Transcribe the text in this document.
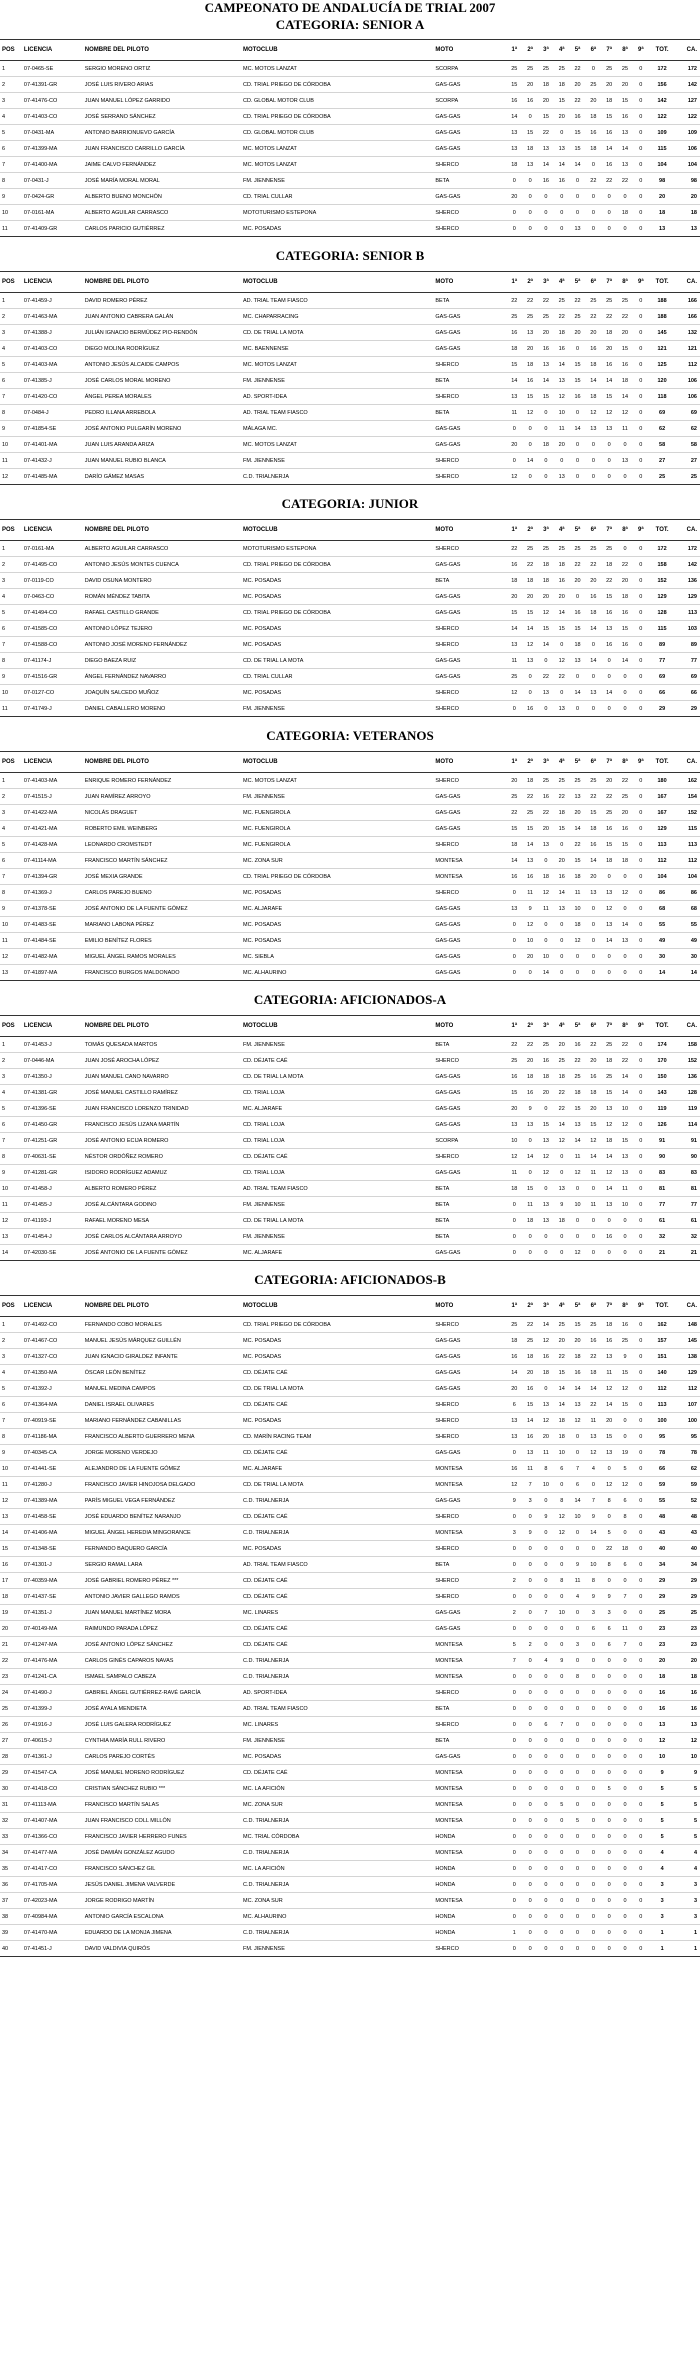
CAMPEONATO DE ANDALUCÍA DE TRIAL 2007
CATEGORIA: SENIOR A
POS	LICENCIA	NOMBRE DEL PILOTO	MOTOCLUB	MOTO	1ª	2ª	3ª	4ª	5ª	6ª	7ª	8ª	9ª	TOT.	CA.
1	07-0465-SE	SERGIO MORENO ORTIZ	MC. MOTOS LANZAT	SCORPA	25	25	25	25	22	0	25	25	0	172	172
2	07-41391-GR	JOSÉ LUIS RIVERO ARIAS	CD. TRIAL PRIEGO DE CÓRDOBA	GAS-GAS	15	20	18	18	20	25	20	20	0	156	142
3	07-41476-CO	JUAN MANUEL LÓPEZ GARRIDO	CD. GLOBAL MOTOR CLUB	SCORPA	16	16	20	15	22	20	18	15	0	142	127
4	07-41403-CO	JOSÉ SERRANO SÁNCHEZ	CD. TRIAL PRIEGO DE CÓRDOBA	GAS-GAS	14	0	15	20	16	18	15	16	0	122	122
5	07-0431-MA	ANTONIO BARRIONUEVO GARCÍA	CD. GLOBAL MOTOR CLUB	GAS-GAS	13	15	22	0	15	16	16	13	0	109	109
6	07-41399-MA	JUAN FRANCISCO CARRILLO GARCÍA	MC. MOTOS LANZAT	GAS-GAS	13	18	13	13	15	18	14	14	0	115	106
7	07-41400-MA	JAIME CALVO FERNÁNDEZ	MC. MOTOS LANZAT	SHERCO	18	13	14	14	14	0	16	13	0	104	104
8	07-0431-J	JOSÉ MARÍA MORAL MORAL	FM. JIENNENSE	BETA	0	0	16	16	0	22	22	22	0	98	98
9	07-0424-GR	ALBERTO BUENO MONCHÓN	CD. TRIAL CULLAR	GAS-GAS	20	0	0	0	0	0	0	0	0	20	20
10	07-0161-MA	ALBERTO AGUILAR CARRASCO	MOTOTURISMO ESTEPONA	SHERCO	0	0	0	0	0	0	0	18	0	18	18
11	07-41409-GR	CARLOS PARICIO GUTIÉRREZ	MC. POSADAS	SHERCO	0	0	0	0	13	0	0	0	0	13	13
CATEGORIA: SENIOR B
POS	LICENCIA	NOMBRE DEL PILOTO	MOTOCLUB	MOTO	1ª	2ª	3ª	4ª	5ª	6ª	7ª	8ª	9ª	TOT.	CA.
1	07-41459-J	DAVID ROMERO PÉREZ	AD. TRIAL TEAM FIASCO	BETA	22	22	22	25	22	25	25	25	0	188	166
2	07-41463-MA	JUAN ANTONIO CABRERA GALÁN	MC. CHAPARRACING	GAS-GAS	25	25	25	22	25	22	22	22	0	188	166
3	07-41388-J	JULIÁN IGNACIO BERMÚDEZ PIO-RENDÓN	CD. DE TRIAL LA MOTA	GAS-GAS	16	13	20	18	20	20	18	20	0	145	132
4	07-41403-CO	DIEGO MOLINA RODRÍGUEZ	MC. BAENNENSE	GAS-GAS	18	20	16	16	0	16	20	15	0	121	121
5	07-41403-MA	ANTONIO JESÚS ALCAIDE CAMPOS	MC. MOTOS LANZAT	SHERCO	15	18	13	14	15	18	16	16	0	125	112
6	07-41385-J	JOSÉ CARLOS MORAL MORENO	FM. JIENNENSE	BETA	14	16	14	13	15	14	14	18	0	120	106
7	07-41420-CO	ÁNGEL PEREA MORALES	AD. SPORT-IDEA	SHERCO	13	15	15	12	16	18	15	14	0	118	106
8	07-0484-J	PEDRO ILLANA ARREBOLA	AD. TRIAL TEAM FIASCO	BETA	11	12	0	10	0	12	12	12	0	69	69
9	07-41854-SE	JOSÉ ANTONIO PULGARÍN MORENO	MÁLAGA MC.	GAS-GAS	0	0	0	11	14	13	13	11	0	62	62
10	07-41401-MA	JUAN LUIS ARANDA ARIZA	MC. MOTOS LANZAT	GAS-GAS	20	0	18	20	0	0	0	0	0	58	58
11	07-41432-J	JUAN MANUEL RUBIO BLANCA	FM. JIENNENSE	SHERCO	0	14	0	0	0	0	0	13	0	27	27
12	07-41485-MA	DARÍO GÁMEZ MASAS	C.D. TRIALNERJA	SHERCO	12	0	0	13	0	0	0	0	0	25	25
CATEGORIA: JUNIOR
POS	LICENCIA	NOMBRE DEL PILOTO	MOTOCLUB	MOTO	1ª	2ª	3ª	4ª	5ª	6ª	7ª	8ª	9ª	TOT.	CA.
1	07-0161-MA	ALBERTO AGUILAR CARRASCO	MOTOTURISMO ESTEPONA	SHERCO	22	25	25	25	25	25	25	0	0	172	172
2	07-41495-CO	ANTONIO JESÚS MONTES CUENCA	CD. TRIAL PRIEGO DE CÓRDOBA	GAS-GAS	16	22	18	18	22	22	18	22	0	158	142
3	07-0119-CO	DAVID OSUNA MONTERO	MC. POSADAS	BETA	18	18	18	16	20	20	22	20	0	152	136
4	07-0463-CO	ROMÁN MÉNDEZ TABITA	MC. POSADAS	GAS-GAS	20	20	20	20	0	16	15	18	0	129	129
5	07-41494-CO	RAFAEL CASTILLO GRANDE	CD. TRIAL PRIEGO DE CÓRDOBA	GAS-GAS	15	15	12	14	16	18	16	16	0	128	113
6	07-41585-CO	ANTONIO LÓPEZ TEJERO	MC. POSADAS	SHERCO	14	14	15	15	15	14	13	15	0	115	103
7	07-41588-CO	ANTONIO JOSÉ MORENO FERNÁNDEZ	MC. POSADAS	SHERCO	13	12	14	0	18	0	16	16	0	89	89
8	07-41174-J	DIEGO BAEZA RUIZ	CD. DE TRIAL LA MOTA	GAS-GAS	11	13	0	12	13	14	0	14	0	77	77
9	07-41516-GR	ÁNGEL FERNÁNDEZ NAVARRO	CD. TRIAL CULLAR	GAS-GAS	25	0	22	22	0	0	0	0	0	69	69
10	07-0127-CO	JOAQUÍN SALCEDO MUÑOZ	MC. POSADAS	SHERCO	12	0	13	0	14	13	14	0	0	66	66
11	07-41749-J	DANIEL CABALLERO MORENO	FM. JIENNENSE	SHERCO	0	16	0	13	0	0	0	0	0	29	29
CATEGORIA: VETERANOS
POS	LICENCIA	NOMBRE DEL PILOTO	MOTOCLUB	MOTO	1ª	2ª	3ª	4ª	5ª	6ª	7ª	8ª	9ª	TOT.	CA.
1	07-41403-MA	ENRIQUE ROMERO FERNÁNDEZ	MC. MOTOS LANZAT	SHERCO	20	18	25	25	25	25	20	22	0	180	162
2	07-41515-J	JUAN RAMÍREZ ARROYO	FM. JIENNENSE	GAS-GAS	25	22	16	22	13	22	22	25	0	167	154
3	07-41422-MA	NICOLÁS DRAGUET	MC. FUENGIROLA	GAS-GAS	22	25	22	18	20	15	25	20	0	167	152
4	07-41421-MA	ROBERTO EMIL WEINBERG	MC. FUENGIROLA	GAS-GAS	15	15	20	15	14	18	16	16	0	129	115
5	07-41428-MA	LEONARDO CROMSTEDT	MC. FUENGIROLA	SHERCO	18	14	13	0	22	16	15	15	0	113	113
6	07-41114-MA	FRANCISCO MARTÍN SÁNCHEZ	MC. ZONA SUR	MONTESA	14	13	0	20	15	14	18	18	0	112	112
7	07-41394-GR	JOSÉ MEXIA GRANDE	CD. TRIAL PRIEGO DE CÓRDOBA	MONTESA	16	16	18	16	18	20	0	0	0	104	104
8	07-41369-J	CARLOS PAREJO BUENO	MC. POSADAS	SHERCO	0	11	12	14	11	13	13	12	0	86	86
9	07-41378-SE	JOSÉ ANTONIO DE LA FUENTE GÓMEZ	MC. ALJARAFE	GAS-GAS	13	9	11	13	10	0	12	0	0	68	68
10	07-41483-SE	MARIANO LABONA PÉREZ	MC. POSADAS	GAS-GAS	0	12	0	0	18	0	13	14	0	55	55
11	07-41484-SE	EMILIO BENÍTEZ FLORES	MC. POSADAS	GAS-GAS	0	10	0	0	12	0	14	13	0	49	49
12	07-41482-MA	MIGUEL ÁNGEL RAMOS MORALES	MC. SIEBLA	GAS-GAS	0	20	10	0	0	0	0	0	0	30	30
13	07-41897-MA	FRANCISCO BURGOS MALDONADO	MC. ALHAURINO	GAS-GAS	0	0	14	0	0	0	0	0	0	14	14
CATEGORIA: AFICIONADOS-A
POS	LICENCIA	NOMBRE DEL PILOTO	MOTOCLUB	MOTO	1ª	2ª	3ª	4ª	5ª	6ª	7ª	8ª	9ª	TOT.	CA.
1	07-41453-J	TOMÁS QUESADA MARTOS	FM. JIENNENSE	BETA	22	22	25	20	16	22	25	22	0	174	158
2	07-0446-MA	JUAN JOSÉ AROCHA LÓPEZ	CD. DÉJATE CAÉ	SHERCO	25	20	16	25	22	20	18	22	0	170	152
3	07-41350-J	JUAN MANUEL CANO NAVARRO	CD. DE TRIAL LA MOTA	GAS-GAS	16	18	18	18	25	16	25	14	0	150	136
4	07-41381-GR	JOSÉ MANUEL CASTILLO RAMÍREZ	CD. TRIAL LOJA	GAS-GAS	15	16	20	22	18	18	15	14	0	143	128
5	07-41396-SE	JUAN FRANCISCO LORENZO TRINIDAD	MC. ALJARAFE	GAS-GAS	20	9	0	22	15	20	13	10	0	119	119
6	07-41450-GR	FRANCISCO JESÚS LIZANA MARTÍN	CD. TRIAL LOJA	GAS-GAS	13	13	15	14	13	15	12	12	0	126	114
7	07-41251-GR	JOSÉ ANTONIO ECIJA ROMERO	CD. TRIAL LOJA	SCORPA	10	0	13	12	14	12	18	15	0	91	91
8	07-40631-SE	NÉSTOR ORDÓÑEZ ROMERO	CD. DÉJATE CAÉ	SHERCO	12	14	12	0	11	14	14	13	0	90	90
9	07-41281-GR	ISIDORO RODRÍGUEZ ADAMUZ	CD. TRIAL LOJA	GAS-GAS	11	0	12	0	12	11	12	13	0	83	83
10	07-41458-J	ALBERTO ROMERO PÉREZ	AD. TRIAL TEAM FIASCO	BETA	18	15	0	13	0	0	14	11	0	81	81
11	07-41455-J	JOSÉ ALCÁNTARA GODINO	FM. JIENNENSE	BETA	0	11	13	9	10	11	13	10	0	77	77
12	07-41193-J	RAFAEL MORENO MESA	CD. DE TRIAL LA MOTA	BETA	0	18	13	18	0	0	0	0	0	61	61
13	07-41454-J	JOSÉ CARLOS ALCÁNTARA ARROYO	FM. JIENNENSE	BETA	0	0	0	0	0	0	16	0	0	32	32
14	07-42030-SE	JOSÉ ANTONIO DE LA FUENTE GÓMEZ	MC. ALJARAFE	GAS-GAS	0	0	0	0	12	0	0	0	0	21	21
CATEGORIA: AFICIONADOS-B
POS	LICENCIA	NOMBRE DEL PILOTO	MOTOCLUB	MOTO	1ª	2ª	3ª	4ª	5ª	6ª	7ª	8ª	9ª	TOT.	CA.
1	07-41492-CO	FERNANDO COBO MORALES	CD. TRIAL PRIEGO DE CÓRDOBA	SHERCO	25	22	14	25	15	25	18	16	0	162	148
2	07-41467-CO	MANUEL JESÚS MÁRQUEZ GUILLÉN	MC. POSADAS	GAS-GAS	18	25	12	20	20	16	16	25	0	157	145
3	07-41327-CO	JUAN IGNACIO GIRALDEZ INFANTE	MC. POSADAS	GAS-GAS	16	18	16	22	18	22	13	9	0	151	138
4	07-41350-MA	ÓSCAR LEÓN BENÍTEZ	CD. DÉJATE CAÉ	GAS-GAS	14	20	18	15	16	18	11	15	0	140	129
5	07-41392-J	MANUEL MEDINA CAMPOS	CD. DE TRIAL LA MOTA	GAS-GAS	20	16	0	14	14	14	12	12	0	112	112
6	07-41364-MA	DANIEL ISRAEL OLIVARES	CD. DÉJATE CAÉ	SHERCO	6	15	13	14	13	22	14	15	0	113	107
7	07-40919-SE	MARIANO FERNÁNDEZ CABANILLAS	MC. POSADAS	SHERCO	13	14	12	18	12	11	20	0	0	100	100
8	07-41186-MA	FRANCISCO ALBERTO GUERRERO MENA	CD. MARÍN RACING TEAM	SHERCO	13	16	20	18	0	13	15	0	0	95	95
9	07-40345-CA	JORGE MORENO VERDEJO	CD. DÉJATE CAÉ	GAS-GAS	0	13	11	10	0	12	13	19	0	78	78
10	07-41441-SE	ALEJANDRO DE LA FUENTE GÓMEZ	MC. ALJARAFE	MONTESA	16	11	8	6	7	4	0	5	0	66	62
11	07-41280-J	FRANCISCO JAVIER HINOJOSA DELGADO	CD. DE TRIAL LA MOTA	MONTESA	12	7	10	0	6	0	12	12	0	59	59
12	07-41389-MA	PARÍS MIGUEL VEGA FERNÁNDEZ	C.D. TRIALNERJA	GAS-GAS	9	3	0	8	14	7	8	6	0	55	52
13	07-41458-SE	JOSÉ EDUARDO BENÍTEZ NARANJO	CD. DÉJATE CAÉ	SHERCO	0	0	9	12	10	9	0	8	0	48	48
14	07-41406-MA	MIGUEL ÁNGEL HEREDIA MINGORANCE	C.D. TRIALNERJA	MONTESA	3	9	0	12	0	14	5	0	0	43	43
15	07-41348-SE	FERNANDO BAQUERO GARCÍA	MC. POSADAS	SHERCO	0	0	0	0	0	0	22	18	0	40	40
16	07-41301-J	SERGIO RAMAL LARA	AD. TRIAL TEAM FIASCO	BETA	0	0	0	0	9	10	8	6	0	34	34
17	07-40359-MA	JOSÉ GABRIEL ROMERO PÉREZ ***	CD. DÉJATE CAÉ	SHERCO	2	0	0	8	11	8	0	0	0	29	29
18	07-41437-SE	ANTONIO JAVIER GALLEGO RAMOS	CD. DÉJATE CAÉ	SHERCO	0	0	0	0	4	9	9	7	0	29	29
19	07-41351-J	JUAN MANUEL MARTÍNEZ MORA	MC. LINARES	GAS-GAS	2	0	7	10	0	3	3	0	0	25	25
20	07-40149-MA	RAIMUNDO PARADA LÓPEZ	CD. DÉJATE CAÉ	GAS-GAS	0	0	0	0	0	6	6	11	0	23	23
21	07-41247-MA	JOSÉ ANTONIO LÓPEZ SÁNCHEZ	CD. DÉJATE CAÉ	MONTESA	5	2	0	0	3	0	6	7	0	23	23
22	07-41476-MA	CARLOS GINÉS CAPAROS NAVAS	C.D. TRIALNERJA	MONTESA	7	0	4	9	0	0	0	0	0	20	20
23	07-41241-CA	ISMAEL SAMPALO CABEZA	C.D. TRIALNERJA	MONTESA	0	0	0	0	8	0	0	0	0	18	18
24	07-41490-J	GABRIEL ÁNGEL GUTIÉRREZ-RAVÉ GARCÍA	AD. SPORT-IDEA	SHERCO	0	0	0	0	0	0	0	0	0	16	16
25	07-41399-J	JOSÉ AYALA MENDIETA	AD. TRIAL TEAM FIASCO	BETA	0	0	0	0	0	0	0	0	0	16	16
26	07-41916-J	JOSÉ LUIS GALERA RODRÍGUEZ	MC. LINARES	SHERCO	0	0	6	7	0	0	0	0	0	13	13
27	07-40615-J	CYNTHIA MARÍA RULL RIVERO	FM. JIENNENSE	BETA	0	0	0	0	0	0	0	0	0	12	12
28	07-41361-J	CARLOS PAREJO CORTÉS	MC. POSADAS	GAS-GAS	0	0	0	0	0	0	0	0	0	10	10
29	07-41547-CA	JOSÉ MANUEL MORENO RODRÍGUEZ	CD. DÉJATE CAÉ	MONTESA	0	0	0	0	0	0	0	0	0	9	9
30	07-41418-CO	CRISTIAN SÁNCHEZ RUBIO ***	MC. LA AFICIÓN	MONTESA	0	0	0	0	0	0	5	0	0	5	5
31	07-41113-MA	FRANCISCO MARTÍN SALAS	MC. ZONA SUR	MONTESA	0	0	0	5	0	0	0	0	0	5	5
32	07-41407-MA	JUAN FRANCISCO COLL MILLÓN	C.D. TRIALNERJA	MONTESA	0	0	0	0	5	0	0	0	0	5	5
33	07-41366-CO	FRANCISCO JAVIER HERRERO FUNES	MC. TRIAL CÓRDOBA	HONDA	0	0	0	0	0	0	0	0	0	5	5
34	07-41477-MA	JOSÉ DAMIÁN GONZÁLEZ AGUDO	C.D. TRIALNERJA	MONTESA	0	0	0	0	0	0	0	0	0	4	4
35	07-41417-CO	FRANCISCO SÁNCHEZ GIL	MC. LA AFICIÓN	HONDA	0	0	0	0	0	0	0	0	0	4	4
36	07-41705-MA	JESÚS DANIEL JIMENA VALVERDE	C.D. TRIALNERJA	HONDA	0	0	0	0	0	0	0	0	0	3	3
37	07-42023-MA	JORGE RODRIGO MARTÍN	MC. ZONA SUR	MONTESA	0	0	0	0	0	0	0	0	0	3	3
38	07-40984-MA	ANTONIO GARCÍA ESCALONA	MC. ALHAURINO	HONDA	0	0	0	0	0	0	0	0	0	3	3
39	07-41470-MA	EDUARDO DE LA MONJA JIMENA	C.D. TRIALNERJA	HONDA	1	0	0	0	0	0	0	0	0	1	1
40	07-41451-J	DAVID VALDIVIA QUIRÓS	FM. JIENNENSE	SHERCO	0	0	0	0	0	0	0	0	0	1	1
